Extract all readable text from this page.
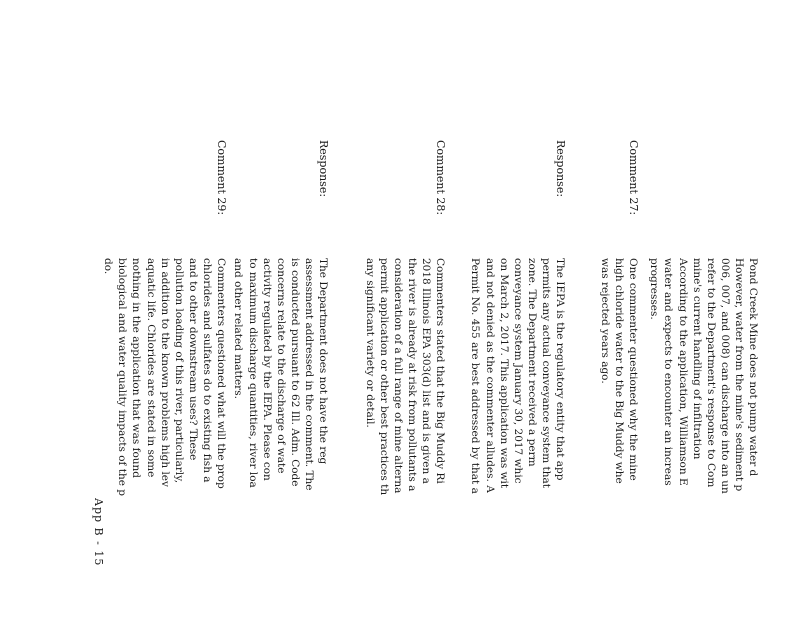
Pond Creek Mine does not pump water d
However, water from the mine's sediment p
006, 007, and 008) can discharge into an un
refer to the Department's response to Com
mine's current handling of infiltration
According to the application, Williamson E
water and expects to encounter an increas
progresses.
Comment 27:
One commenter questioned why the mine
high chloride water to the Big Muddy whe
was rejected years ago.
Response:
The IEPA is the regulatory entity that app
permits any actual conveyance system that
zone. The Department received a perm
conveyance system January 30, 2017 whic
on March 2, 2017. This application was wit
and not denied as the commenter alludes. A
Permit No. 455 are best addressed by that a
Comment 28:
Commenters stated that the Big Muddy Ri
2018 Illinois EPA 303(d) list and is given a
the river is already at risk from pollutants a
consideration of a full range of mine alterna
permit application or other best practices th
any significant variety or detail.
Response:
The Department does not have the reg
assessment addressed in the comment. The
is conducted pursuant to 62 Ill. Adm. Code
concerns relate to the discharge of wate
activity regulated by the IEPA. Please con
to maximum discharge quantities, river loa
and other related matters.
Comment 29:
Commenters questioned what will the prop
chlorides and sulfates do to existing fish a
and to other downstream uses? These
pollution loading of this river, particularly,
in addition to the known problems high lev
aquatic life. Chlorides are stated in some
nothing in the application that was found
biological and water quality impacts of the p
do.
App B - 15
